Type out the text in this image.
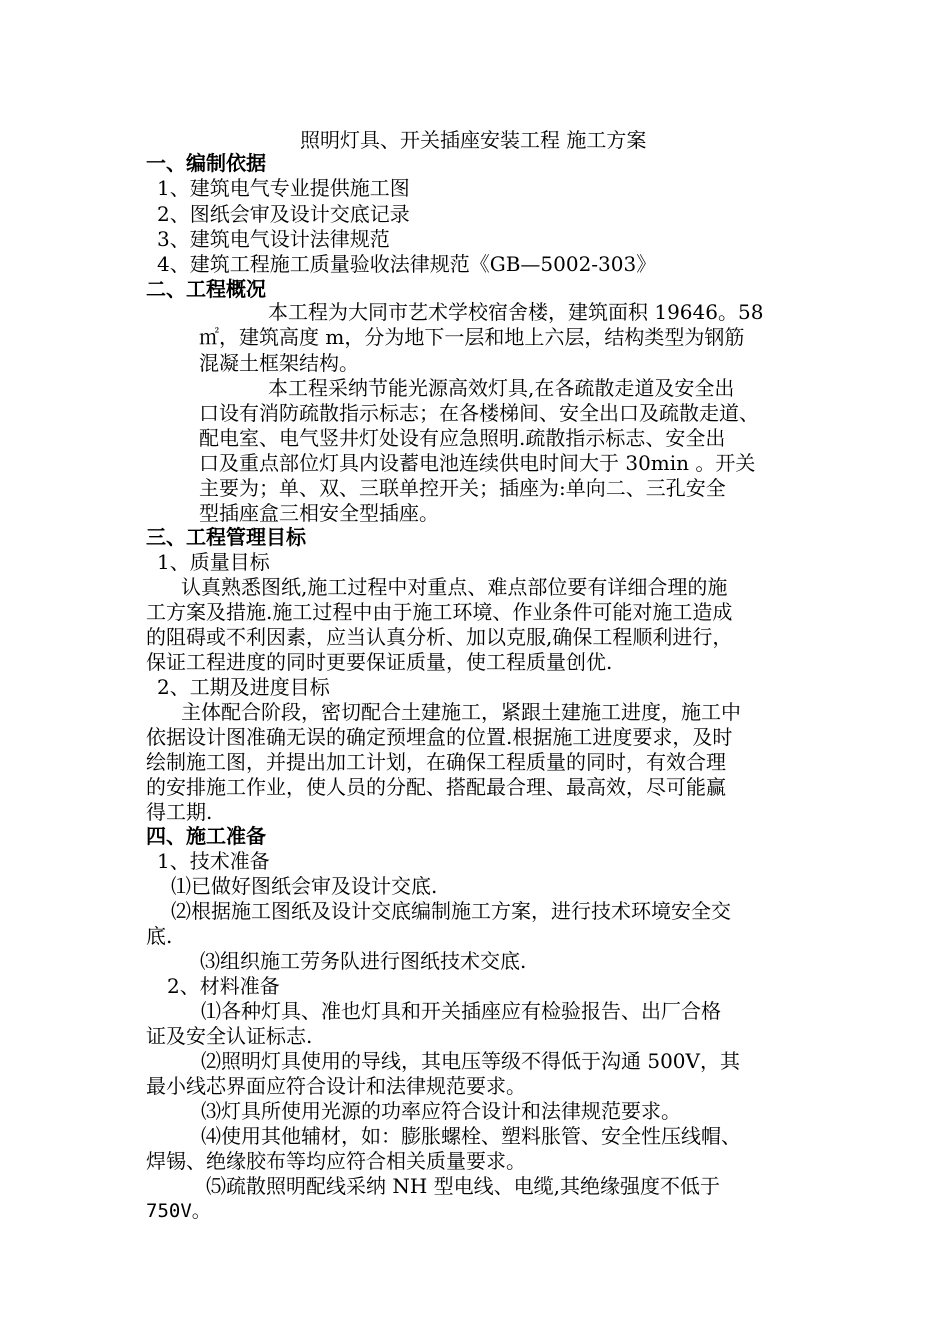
照明灯具、开关插座安装工程 施工方案
一、编制依据
1、建筑电气专业提供施工图
2、图纸会审及设计交底记录
3、建筑电气设计法律规范
4、建筑工程施工质量验收法律规范《GB—5002-303》
二、工程概况
本工程为大同市艺术学校宿舍楼，建筑面积 19646。58
㎡，建筑高度 m，分为地下一层和地上六层，结构类型为钢筋
混凝土框架结构。
本工程采纳节能光源高效灯具,在各疏散走道及安全出
口设有消防疏散指示标志；在各楼梯间、安全出口及疏散走道、
配电室、电气竖井灯处设有应急照明.疏散指示标志、安全出
口及重点部位灯具内设蓄电池连续供电时间大于 30min 。开关
主要为；单、双、三联单控开关；插座为:单向二、三孔安全
型插座盒三相安全型插座。
三、工程管理目标
1、质量目标
认真熟悉图纸,施工过程中对重点、难点部位要有详细合理的施
工方案及措施.施工过程中由于施工环境、作业条件可能对施工造成
的阻碍或不利因素，应当认真分析、加以克服,确保工程顺利进行，
保证工程进度的同时更要保证质量，使工程质量创优.
2、工期及进度目标
主体配合阶段，密切配合土建施工，紧跟土建施工进度，施工中
依据设计图准确无误的确定预埋盒的位置.根据施工进度要求，及时
绘制施工图，并提出加工计划，在确保工程质量的同时，有效合理
的安排施工作业，使人员的分配、搭配最合理、最高效，尽可能赢
得工期.
四、施工准备
1、技术准备
⑴已做好图纸会审及设计交底.
⑵根据施工图纸及设计交底编制施工方案，进行技术环境安全交
底.
⑶组织施工劳务队进行图纸技术交底.
2、材料准备
⑴各种灯具、准也灯具和开关插座应有检验报告、出厂合格
证及安全认证标志.
⑵照明灯具使用的导线，其电压等级不得低于沟通 500V，其
最小线芯界面应符合设计和法律规范要求。
⑶灯具所使用光源的功率应符合设计和法律规范要求。
⑷使用其他辅材，如：膨胀螺栓、塑料胀管、安全性压线帽、
焊锡、绝缘胶布等均应符合相关质量要求。
⑸疏散照明配线采纳 NH 型电线、电缆,其绝缘强度不低于
750V。
